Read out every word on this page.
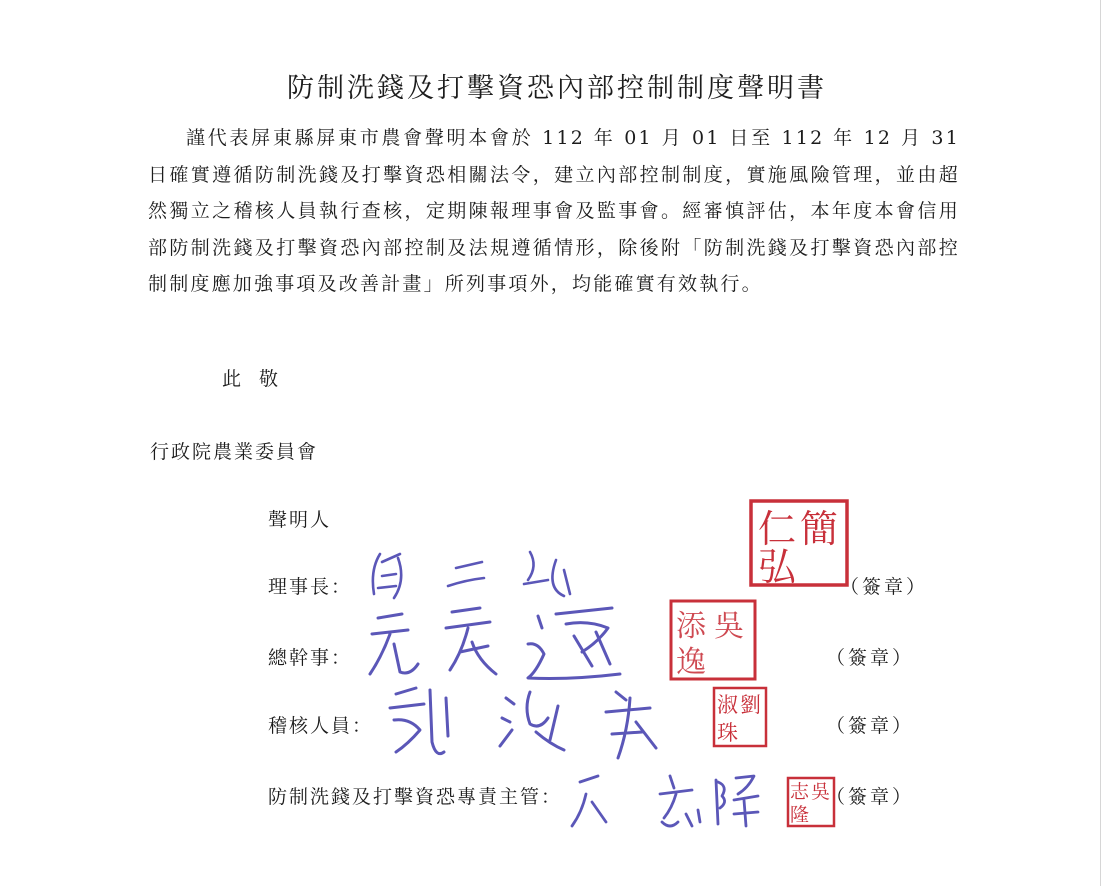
防制洗錢及打擊資恐內部控制制度聲明書

謹代表屏東縣屏東市農會聲明本會於 112 年 01 月 01 日至 112 年 12 月 31 日確實遵循防制洗錢及打擊資恐相關法令，建立內部控制制度，實施風險管理，並由超然獨立之稽核人員執行查核，定期陳報理事會及監事會。經審慎評估，本年度本會信用部防制洗錢及打擊資恐內部控制及法規遵循情形，除後附「防制洗錢及打擊資恐內部控制制度應加強事項及改善計畫」所列事項外，均能確實有效執行。

此敬
行政院農業委員會
聲明人
理事長：
簡
仁
弘 （簽章）
總幹事：
吳
添
逸	（簽章）
稽核人員：
劉
淑
珠	（簽章）
防制洗錢及打擊資恐專責主管：	吳
志
隆
（簽章）
